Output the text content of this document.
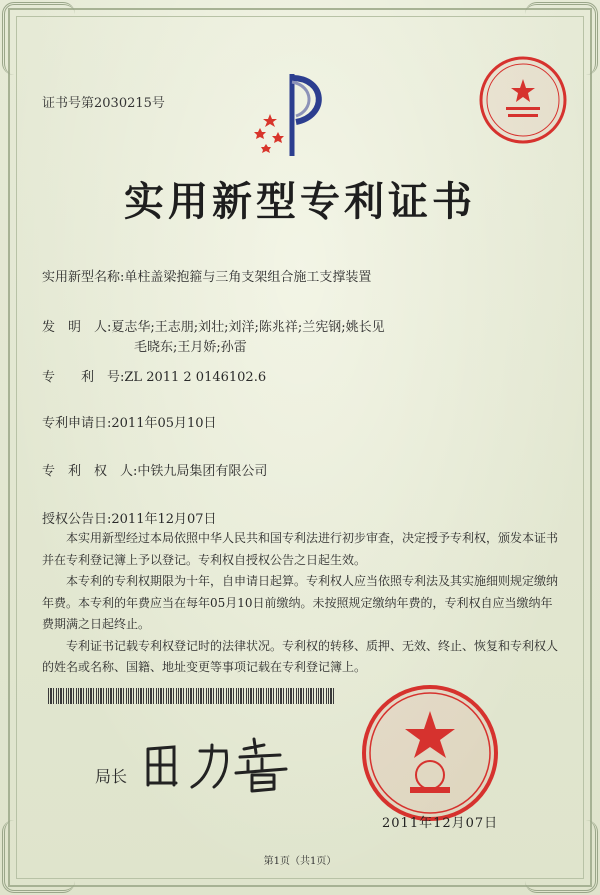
证书号第2030215号
实用新型专利证书
实用新型名称:单柱盖梁抱箍与三角支架组合施工支撑装置
发　明　人:夏志华;王志朋;刘壮;刘洋;陈兆祥;兰宪钢;姚长见
毛晓东;王月娇;孙雷
专　　利　号:ZL 2011 2 0146102.6
专利申请日:2011年05月10日
专　利　权　人:中铁九局集团有限公司
授权公告日:2011年12月07日

本实用新型经过本局依照中华人民共和国专利法进行初步审查，决定授予专利权，颁发本证书并在专利登记簿上予以登记。专利权自授权公告之日起生效。

本专利的专利权期限为十年，自申请日起算。专利权人应当依照专利法及其实施细则规定缴纳年费。本专利的年费应当在每年05月10日前缴纳。未按照规定缴纳年费的，专利权自应当缴纳年费期满之日起终止。

专利证书记载专利权登记时的法律状况。专利权的转移、质押、无效、终止、恢复和专利权人的姓名或名称、国籍、地址变更等事项记载在专利登记簿上。

局长
2011年12月07日
第1页（共1页）
